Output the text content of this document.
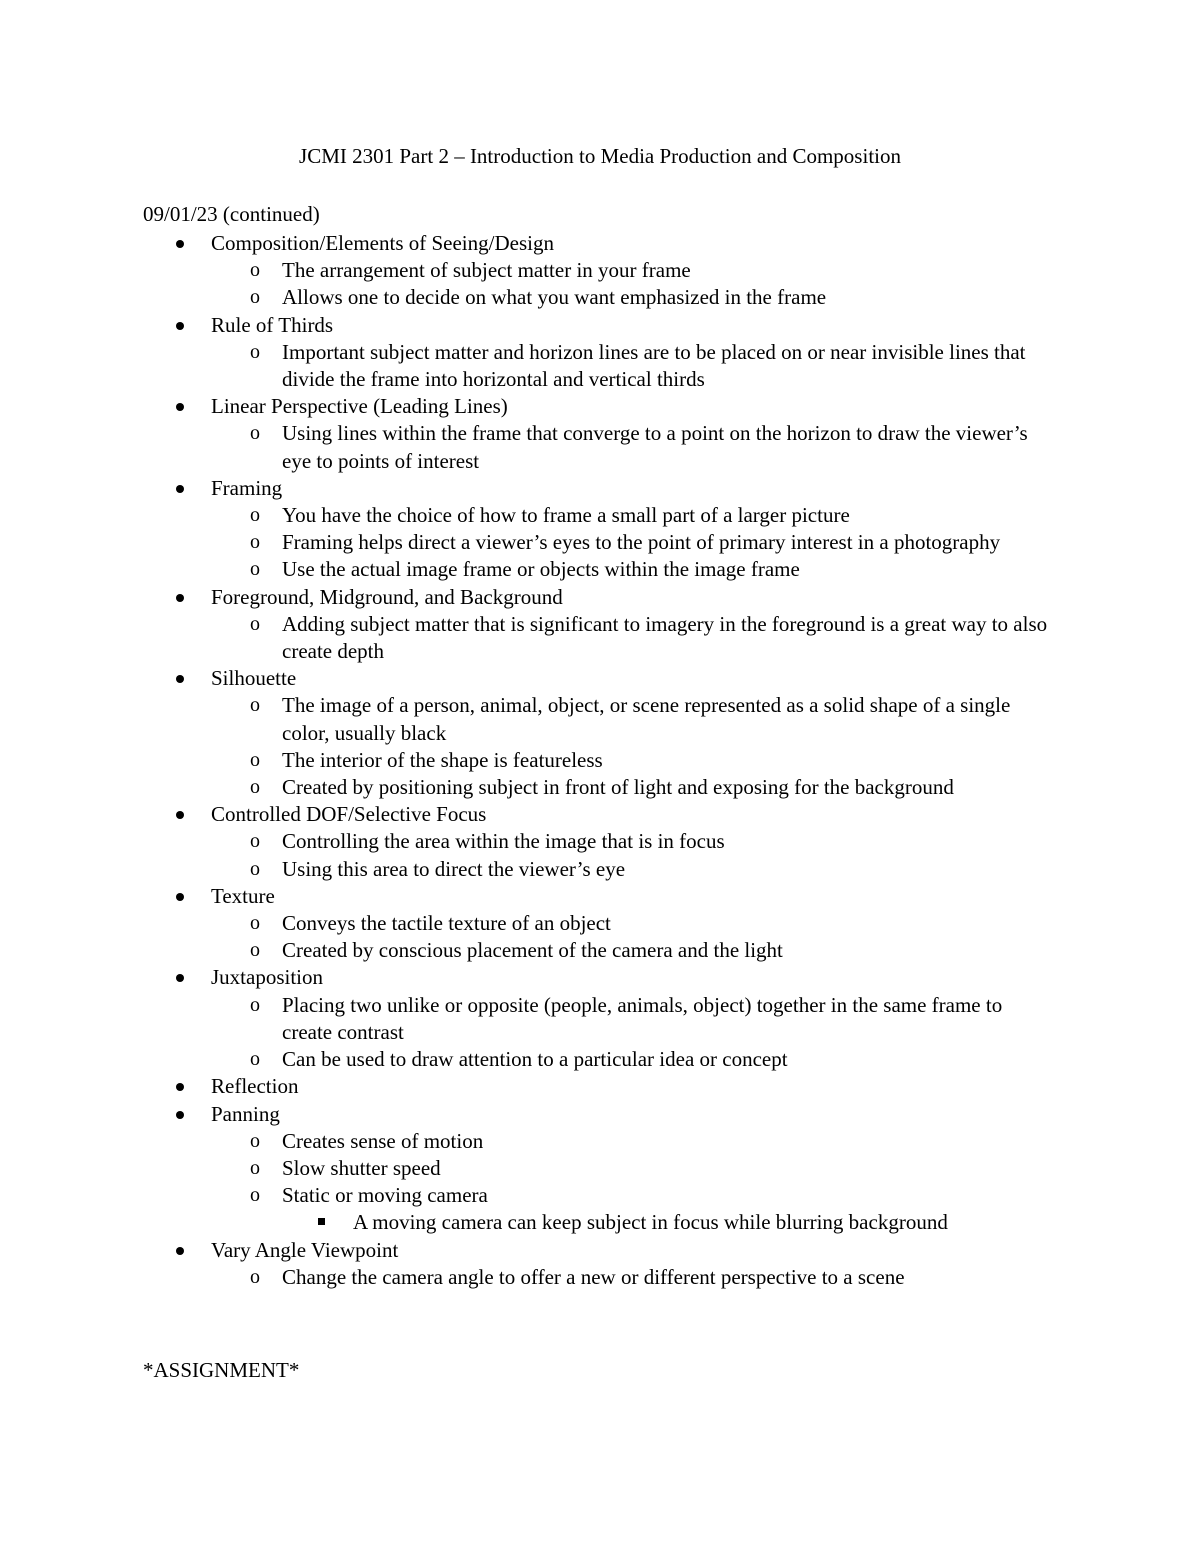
JCMI 2301 Part 2 – Introduction to Media Production and Composition
09/01/23 (continued)
Composition/Elements of Seeing/Design
o	The arrangement of subject matter in your frame
o	Allows one to decide on what you want emphasized in the frame
Rule of Thirds
o	Important subject matter and horizon lines are to be placed on or near invisible lines that divide the frame into horizontal and vertical thirds
Linear Perspective (Leading Lines)
o	Using lines within the frame that converge to a point on the horizon to draw the viewer’s eye to points of interest
Framing
o	You have the choice of how to frame a small part of a larger picture
o	Framing helps direct a viewer’s eyes to the point of primary interest in a photography
o	Use the actual image frame or objects within the image frame
Foreground, Midground, and Background
o	Adding subject matter that is significant to imagery in the foreground is a great way to also create depth
Silhouette
o	The image of a person, animal, object, or scene represented as a solid shape of a single color, usually black
o	The interior of the shape is featureless
o	Created by positioning subject in front of light and exposing for the background
Controlled DOF/Selective Focus
o	Controlling the area within the image that is in focus
o	Using this area to direct the viewer’s eye
Texture
o	Conveys the tactile texture of an object
o	Created by conscious placement of the camera and the light
Juxtaposition
o	Placing two unlike or opposite (people, animals, object) together in the same frame to create contrast
o	Can be used to draw attention to a particular idea or concept
Reflection
Panning
o	Creates sense of motion
o	Slow shutter speed
o	Static or moving camera
A moving camera can keep subject in focus while blurring background
Vary Angle Viewpoint
o	Change the camera angle to offer a new or different perspective to a scene
*ASSIGNMENT*
